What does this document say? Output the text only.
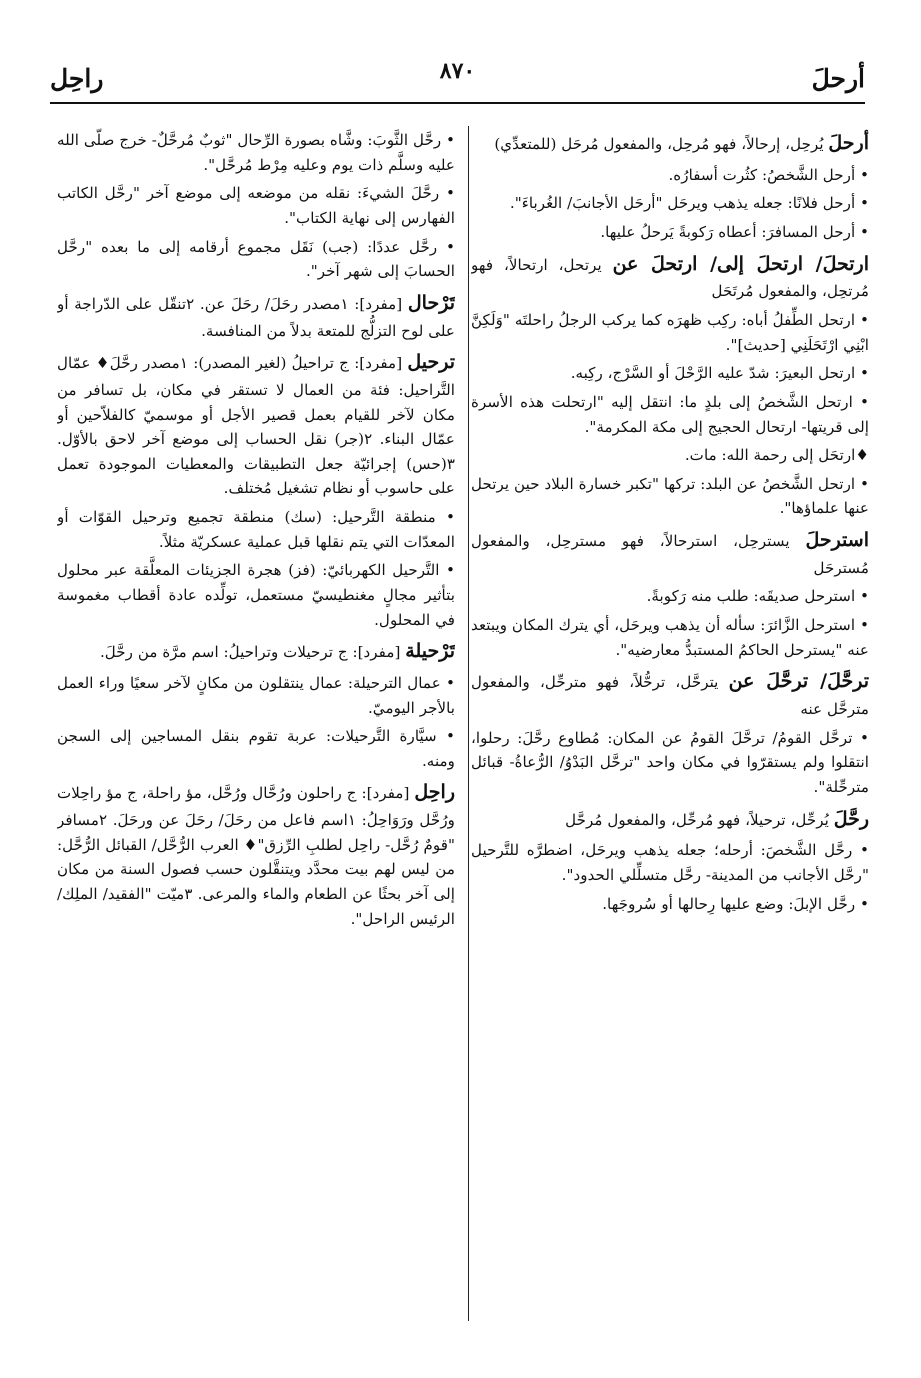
أرحلَ
٨٧٠
راحِل

أرحلَ يُرحِل، إرحالاً، فهو مُرحِل، والمفعول مُرحَل (للمتعدِّي)

• أرحل الشَّخصُ: كثُرت أسفارُه.

• أرحل فلانًا: جعله يذهب ويرحَل "أرحَل الأجانبَ/ الغُرباءَ".

• أرحل المسافرَ: أعطاه رَكوبةً يَرحلُ عليها.

ارتحلَ/ ارتحلَ إلى/ ارتحلَ عن يرتحل، ارتحالاً، فهو مُرتحِل، والمفعول مُرتَحَل

• ارتحل الطِّفلُ أباه: ركِب ظهرَه كما يركب الرجلُ راحلتَه "وَلَكِنَّ ابْنِي ارْتَحَلَنِي [حديث]".

• ارتحل البعيرَ: شدّ عليه الرَّحْلَ أو السَّرْج، ركِبه.

• ارتحل الشَّخصُ إلى بلدٍ ما: انتقل إليه "ارتحلت هذه الأسرة إلى قريتها- ارتحال الحجيج إلى مكة المكرمة".

♦ارتحَل إلى رحمة الله: مات.

• ارتحل الشَّخصُ عن البلد: تركها "تكبر خسارة البلاد حين يرتحل عنها علماؤها".

استرحلَ يسترحِل، استرحالاً، فهو مسترحِل، والمفعول مُسترحَل

• استرحل صديقَه: طلب منه رَكوبةً.

• استرحل الزَّائرَ: سأله أن يذهب ويرحَل، أي يترك المكان ويبتعد عنه "يسترحل الحاكمُ المستبدُّ معارضيه".

ترحَّلَ/ ترحَّلَ عن يترحَّل، ترحُّلاً، فهو مترحِّل، والمفعول مترحَّل عنه

• ترحَّل القومُ/ ترحَّلَ القومُ عن المكان: مُطاوع رحَّلَ: رحلوا، انتقلوا ولم يستقرّوا في مكان واحد "ترحَّل البَدْوُ/ الرُّعاةُ- قبائل مترحِّلة".

رحَّلَ يُرحِّل، ترحيلاً، فهو مُرحِّل، والمفعول مُرحَّل

• رحَّل الشَّخصَ: أرحله؛ جعله يذهب ويرحَل، اضطرَّه للتَّرحيل "رحَّل الأجانب من المدينة- رحَّل متسلِّلي الحدود".

• رحَّل الإبلَ: وضع عليها رِحالها أو سُروجَها.

• رحَّل الثَّوبَ: وشَّاه بصورة الرِّحال "ثوبٌ مُرحَّلٌ- خرج صلَّى الله عليه وسلَّم ذات يوم وعليه مِرْط مُرحَّل".

• رحَّلَ الشيءَ: نقله من موضعه إلى موضع آخر "رحَّل الكاتب الفهارس إلى نهاية الكتاب".

• رحَّل عددًا: (جب) نَقَل مجموع أرقامه إلى ما بعده "رحَّل الحسابَ إلى شهر آخر".

تَرْحال [مفرد]: ١مصدر رحَلَ/ رحَلَ عن. ٢تنقّل على الدّراجة أو على لوح التزلُّج للمتعة بدلاً من المنافسة.

ترحيل [مفرد]: ج تراحيلُ (لغير المصدر): ١مصدر رحَّلَ♦ عمّال التَّراحيل: فئة من العمال لا تستقر في مكان، بل تسافر من مكان لآخر للقيام بعمل قصير الأجل أو موسميّ كالفلاّحين أو عمّال البناء. ٢(جر) نقل الحساب إلى موضع آخر لاحق بالأوّل. ٣(حس) إجرائيّة جعل التطبيقات والمعطيات الموجودة تعمل على حاسوب أو نظام تشغيل مُختلف.

• منطقة التَّرحيل: (سك) منطقة تجميع وترحيل القوّات أو المعدّات التي يتم نقلها قبل عملية عسكريّة مثلاً.

• التَّرحيل الكهربائيّ: (فز) هجرة الجزيئات المعلَّقة عبر محلول بتأثير مجالٍ مغنطيسيّ مستعمل، تولِّده عادة أقطاب مغموسة في المحلول.

تَرْحيلة [مفرد]: ج ترحيلات وتراحيلُ: اسم مرَّة من رحَّلَ.

• عمال الترحيلة: عمال ينتقلون من مكانٍ لآخر سعيًا وراء العمل بالأجر اليوميّ.

• سيَّارة التَّرحيلات: عربة تقوم بنقل المساجين إلى السجن ومنه.

راحِل [مفرد]: ج راحلون ورُحَّال ورُحَّل، مؤ راحلة، ج مؤ راحِلات ورُحَّل ورَوَاحِلُ: ١اسم فاعل من رحَلَ/ رحَلَ عن ورحَلَ. ٢مسافر "قومٌ رُحَّل- راحِل لطلبِ الرِّزق"♦ العرب الرُّحَّل/ القبائل الرُّحَّل: من ليس لهم بيت محدَّد ويتنقَّلون حسب فصول السنة من مكان إلى آخر بحثًا عن الطعام والماء والمرعى. ٣ميّت "الفقيد/ الملِك/ الرئيس الراحل".
